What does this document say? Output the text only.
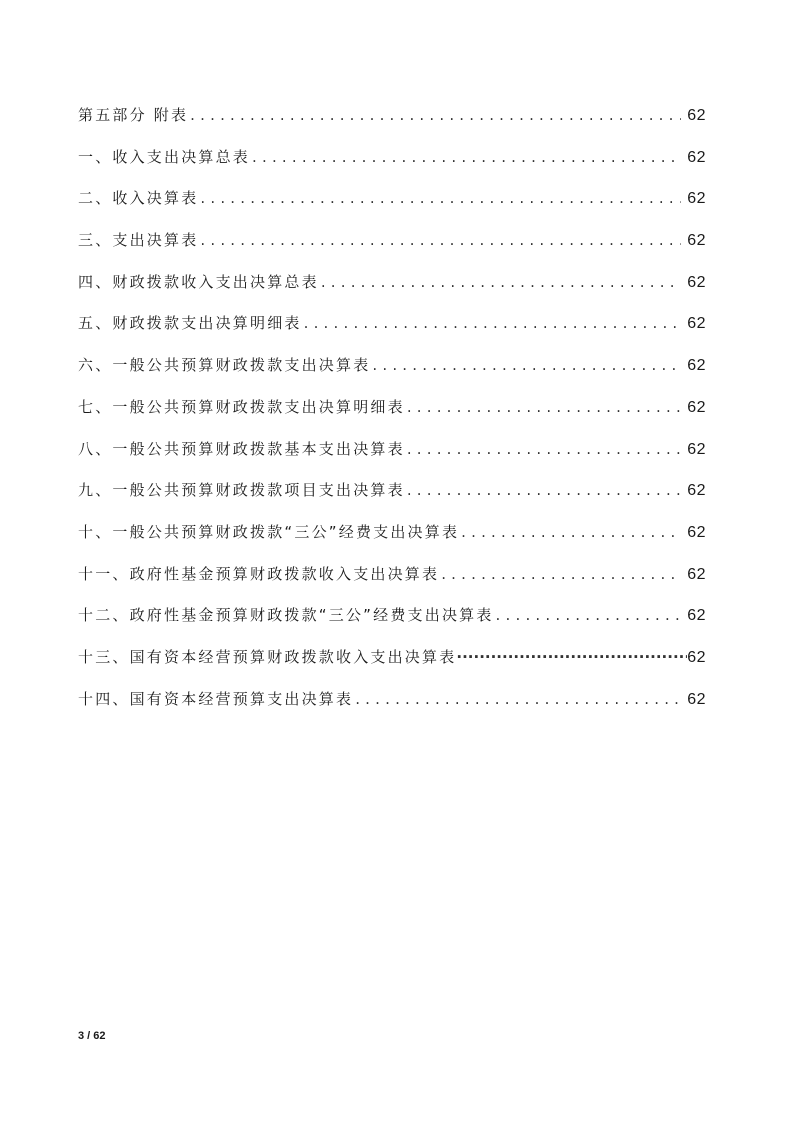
第五部分 附表 .....	62
一、收入支出决算总表 .....	62
二、收入决算表 .....	62
三、支出决算表 .....	62
四、财政拨款收入支出决算总表 .....	62
五、财政拨款支出决算明细表 .....	62
六、一般公共预算财政拨款支出决算表 .....	62
七、一般公共预算财政拨款支出决算明细表 .....	62
八、一般公共预算财政拨款基本支出决算表 .....	62
九、一般公共预算财政拨款项目支出决算表 .....	62
十、一般公共预算财政拨款“三公”经费支出决算表 .....	62
十一、政府性基金预算财政拨款收入支出决算表 .....	62
十二、政府性基金预算财政拨款“三公”经费支出决算表 .....	62
十三、国有资本经营预算财政拨款收入支出决算表 ·····	62
十四、国有资本经营预算支出决算表 .....	62
3 / 62
